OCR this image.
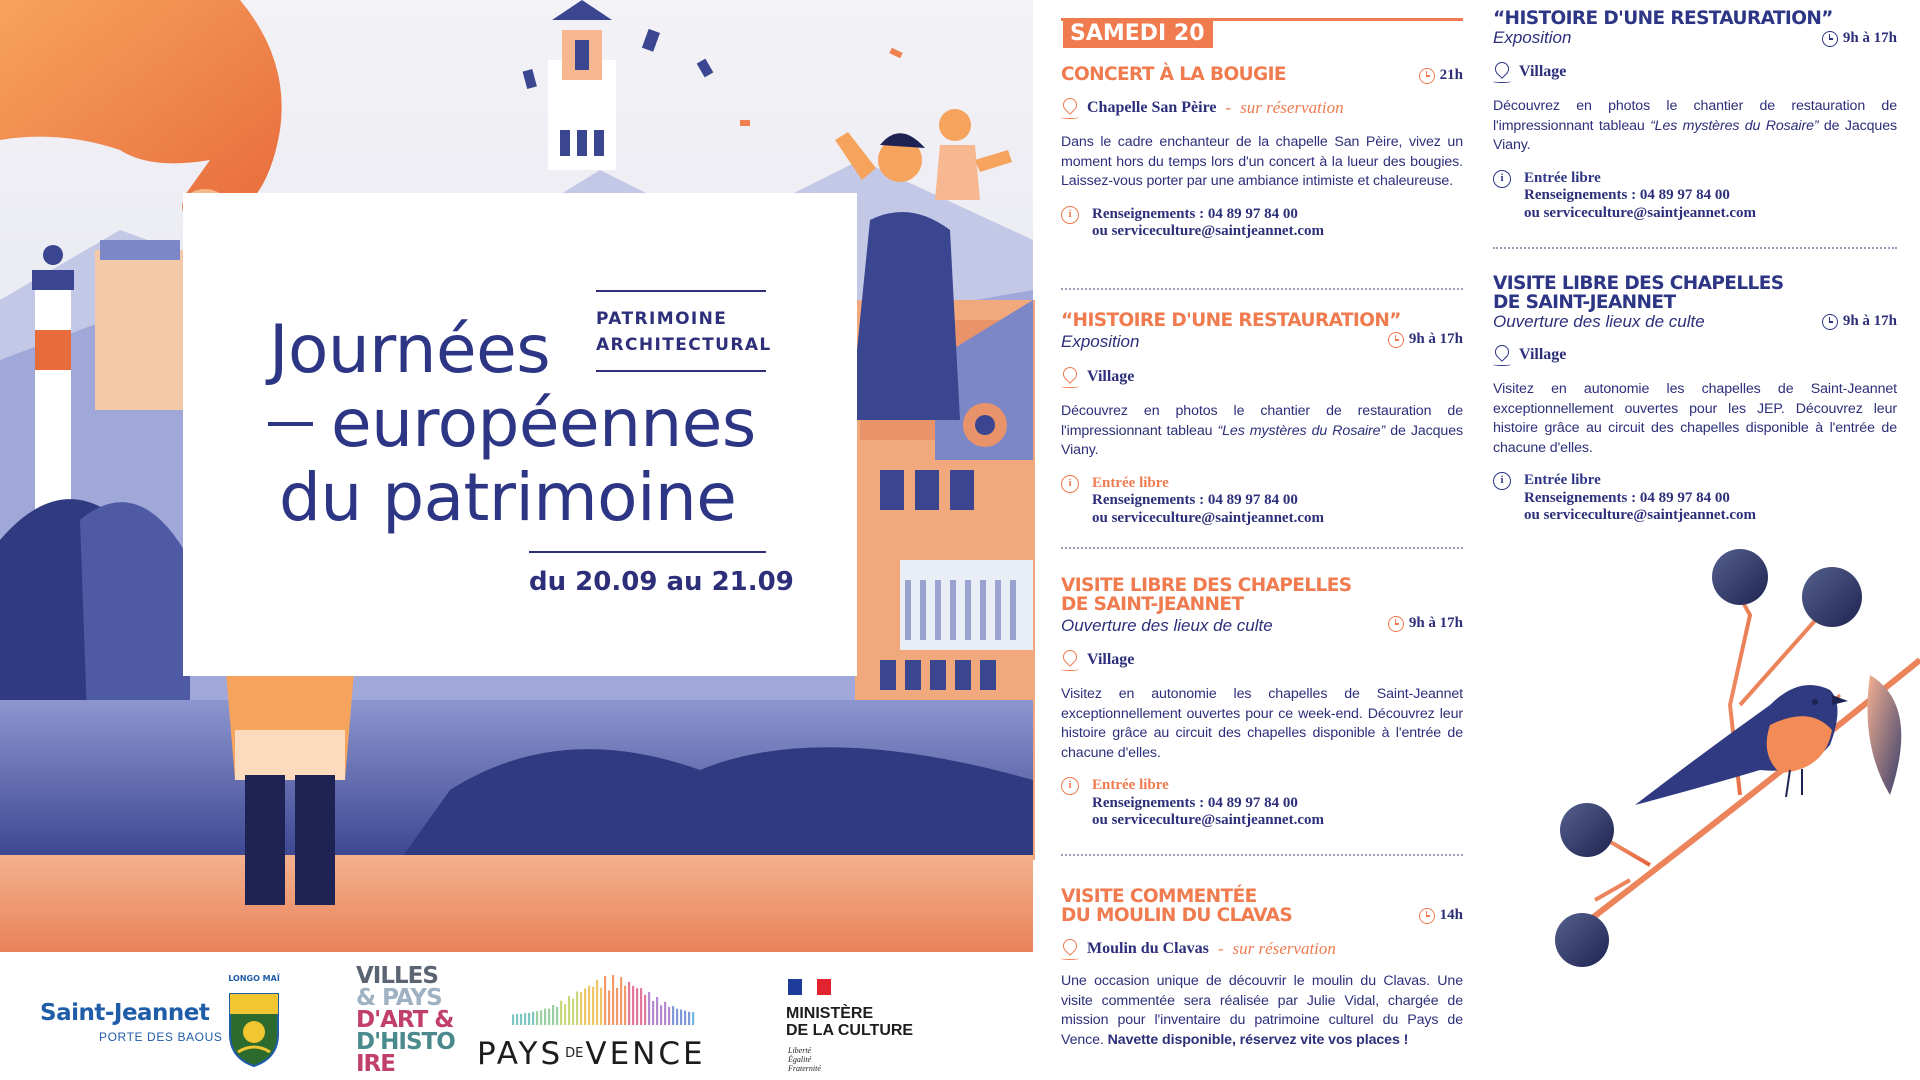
PATRIMOINE
ARCHITECTURAL
Journées
européennes
du patrimoine
du 20.09 au 21.09
Saint-Jeannet
PORTE DES BAOUS
LONGO MAÏ	VILLES
& PAYS
D'ART &
D'HISTO
IRE	PAYS $^{DE}$VENCE
MINISTÈRE
DE LA CULTURE
Liberté
Égalité
Fraternité
SAMEDI 20
CONCERT À LA BOUGIE	21h
Chapelle San Pèire - sur réservation
Dans le cadre enchanteur de la chapelle San Pèire, vivez un moment hors du temps lors d'un concert à la lueur des bougies. Laissez-vous porter par une ambiance intimiste et chaleureuse.
i	Renseignements : 04 89 97 84 00
ou serviceculture@saintjeannet.com
“HISTOIRE D'UNE RESTAURATION”
Exposition	9h à 17h
Village
Découvrez en photos le chantier de restauration de l'impressionnant tableau “Les mystères du Rosaire” de Jacques Viany.
i	Entrée libre
Renseignements : 04 89 97 84 00
ou serviceculture@saintjeannet.com
VISITE LIBRE DES CHAPELLES
DE SAINT-JEANNET
Ouverture des lieux de culte	9h à 17h
Village
Visitez en autonomie les chapelles de Saint-Jeannet exceptionnellement ouvertes pour ce week-end. Découvrez leur histoire grâce au circuit des chapelles disponible à l'entrée de chacune d'elles.
i	Entrée libre
Renseignements : 04 89 97 84 00
ou serviceculture@saintjeannet.com
VISITE COMMENTÉE
DU MOULIN DU CLAVAS	14h
Moulin du Clavas - sur réservation
Une occasion unique de découvrir le moulin du Clavas. Une visite commentée sera réalisée par Julie Vidal, chargée de mission pour l'inventaire du patrimoine culturel du Pays de Vence. Navette disponible, réservez vite vos places !
“HISTOIRE D'UNE RESTAURATION”
Exposition	9h à 17h
Village
Découvrez en photos le chantier de restauration de l'impressionnant tableau “Les mystères du Rosaire” de Jacques Viany.
i	Entrée libre
Renseignements : 04 89 97 84 00
ou serviceculture@saintjeannet.com
VISITE LIBRE DES CHAPELLES
DE SAINT-JEANNET
Ouverture des lieux de culte	9h à 17h
Village
Visitez en autonomie les chapelles de Saint-Jeannet exceptionnellement ouvertes pour les JEP. Découvrez leur histoire grâce au circuit des chapelles disponible à l'entrée de chacune d'elles.
i	Entrée libre
Renseignements : 04 89 97 84 00
ou serviceculture@saintjeannet.com
